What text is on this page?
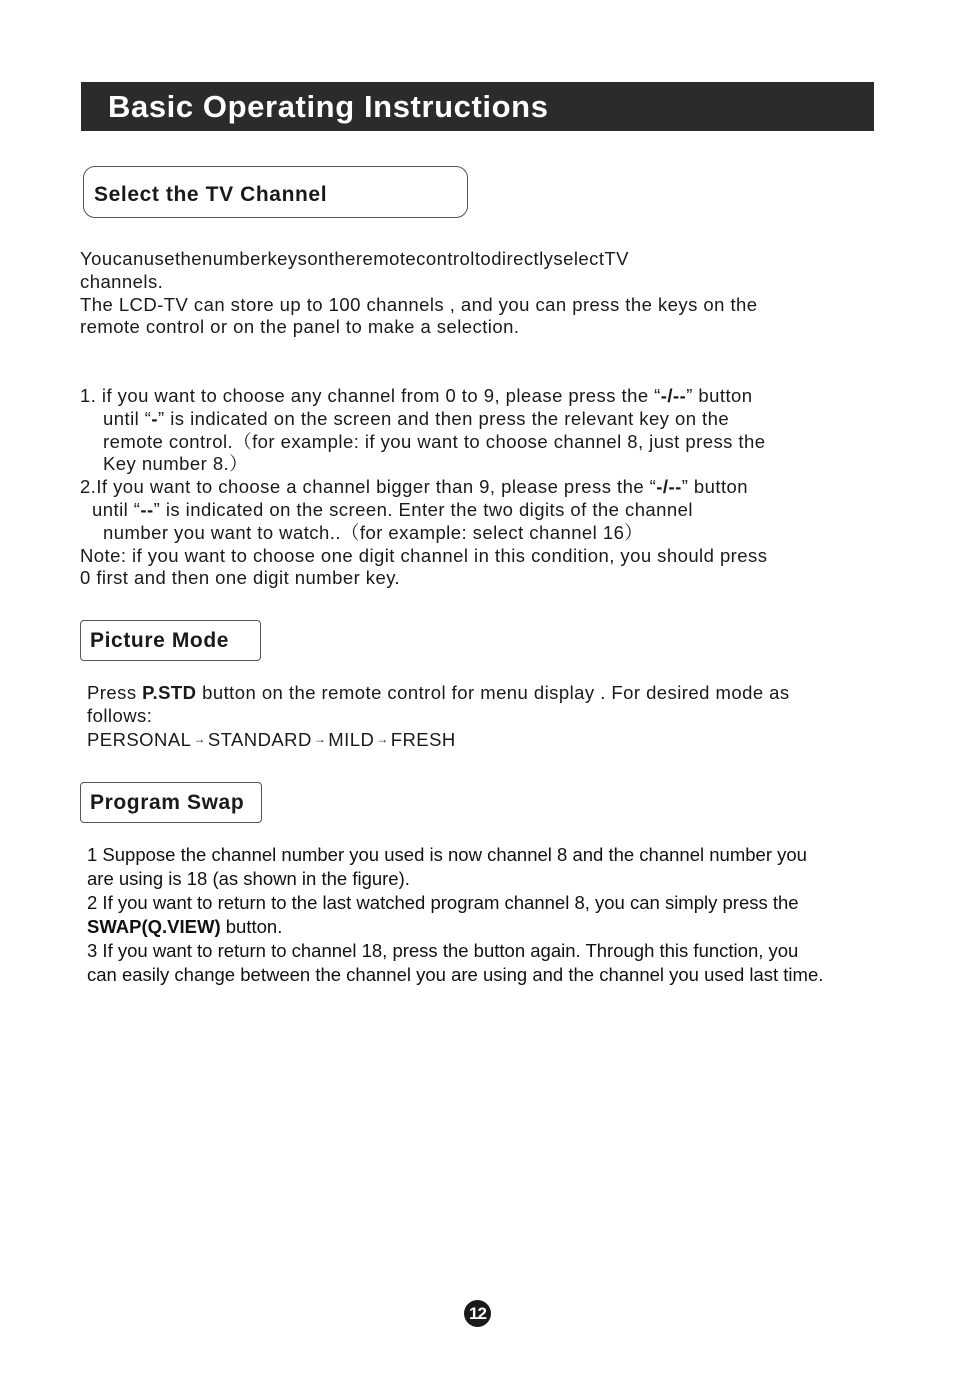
Basic Operating Instructions
Select the TV Channel
YoucanusethenumberkeysontheremotecontroltodirectlyselectTV
channels.
The LCD-TV can store up to 100 channels , and you can press the keys on the
remote control or on the panel to make a selection.
1. if you want to choose any channel from 0 to 9, please press the “-/--” button
until “-” is indicated on the screen and then press the relevant key on the
remote control.（for example: if you want to choose channel 8, just press the
Key number 8.）
2.If you want to choose a channel bigger than 9, please press the “-/--” button
until “--” is indicated on the screen. Enter the two digits of the channel
number you want to watch..（for example: select channel 16）
Note: if you want to choose one digit channel in this condition, you should press
0 first and then one digit number key.
Picture Mode
Press P.STD button on the remote control for menu display . For desired mode as
follows:
PERSONAL → STANDARD → MILD → FRESH
Program Swap
1 Suppose the channel number you used is now channel 8 and the channel number you
are using is 18 (as shown in the figure).
2 If you want to return to the last watched program channel 8, you can simply press the
SWAP(Q.VIEW) button.
3 If you want to return to channel 18, press the button again. Through this function, you
can easily change between the channel you are using and the channel you used last time.
12
